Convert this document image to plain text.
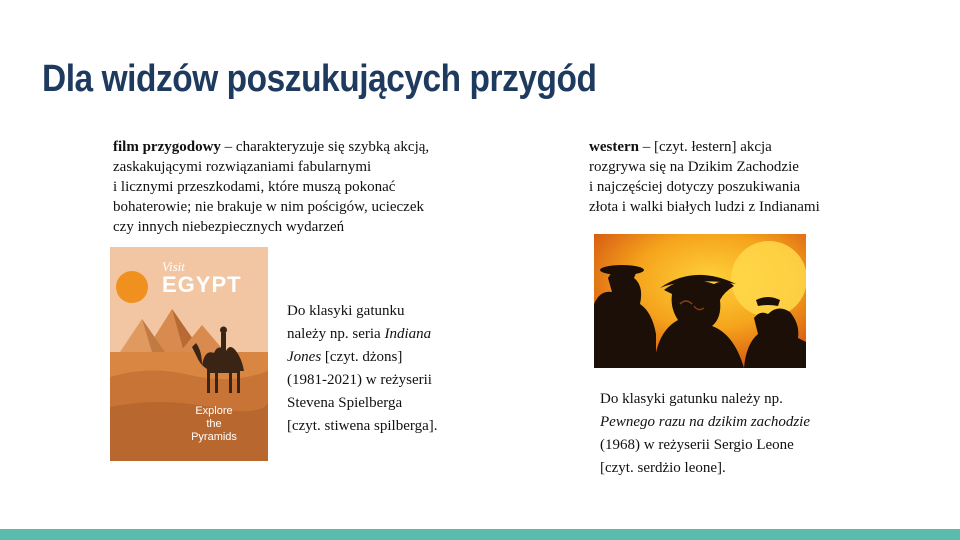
Dla widzów poszukujących przygód

film przygodowy – charakteryzuje się szybką akcją,
zaskakującymi rozwiązaniami fabularnymi
i licznymi przeszkodami, które muszą pokonać
bohaterowie; nie brakuje w nim pościgów, ucieczek
czy innych niebezpiecznych wydarzeń

western – [czyt. łestern] akcja
rozgrywa się na Dzikim Zachodzie
i najczęściej dotyczy poszukiwania
złota i walki białych ludzi z Indianami

Visit
EGYPT
Explore
the
Pyramids

Do klasyki gatunku
należy np. seria Indiana
Jones [czyt. dżons]
(1981-2021) w reżyserii
Stevena Spielberga
[czyt. stiwena spilberga].

Do klasyki gatunku należy np.
Pewnego razu na dzikim zachodzie
(1968) w reżyserii Sergio Leone
[czyt. serdżio leone].
